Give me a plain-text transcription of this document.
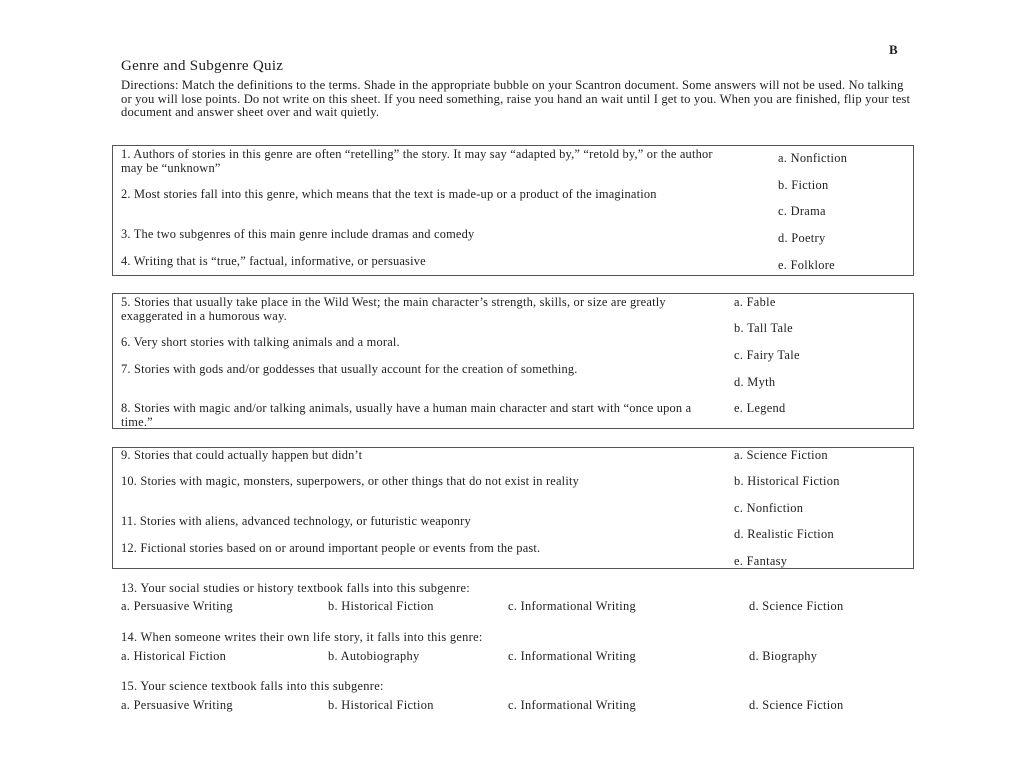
B
Genre and Subgenre Quiz
Directions: Match the definitions to the terms. Shade in the appropriate bubble on your Scantron document. Some answers will not be used. No talking or you will lose points. Do not write on this sheet. If you need something, raise you hand an wait until I get to you. When you are finished, flip your test document and answer sheet over and wait quietly.
1. Authors of stories in this genre are often “retelling” the story. It may say “adapted by,” “retold by,” or the author may be “unknown”
2. Most stories fall into this genre, which means that the text is made-up or a product of the imagination
3. The two subgenres of this main genre include dramas and comedy
4. Writing that is “true,” factual, informative, or persuasive
a. Nonfiction
b. Fiction
c. Drama
d. Poetry
e. Folklore
5. Stories that usually take place in the Wild West; the main character’s strength, skills, or size are greatly exaggerated in a humorous way.
6. Very short stories with talking animals and a moral.
7. Stories with gods and/or goddesses that usually account for the creation of something.
8. Stories with magic and/or talking animals, usually have a human main character and start with “once upon a time.”
a. Fable
b. Tall Tale
c. Fairy Tale
d. Myth
e. Legend
9. Stories that could actually happen but didn’t
10. Stories with magic, monsters, superpowers, or other things that do not exist in reality
11. Stories with aliens, advanced technology, or futuristic weaponry
12. Fictional stories based on or around important people or events from the past.
a. Science Fiction
b. Historical Fiction
c. Nonfiction
d. Realistic Fiction
e. Fantasy
13. Your social studies or history textbook falls into this subgenre:
a. Persuasive Writing	b. Historical Fiction	c. Informational Writing	d. Science Fiction
14. When someone writes their own life story, it falls into this genre:
a. Historical Fiction	b. Autobiography	c. Informational Writing	d. Biography
15. Your science textbook falls into this subgenre:
a. Persuasive Writing	b. Historical Fiction	c. Informational Writing	d. Science Fiction
